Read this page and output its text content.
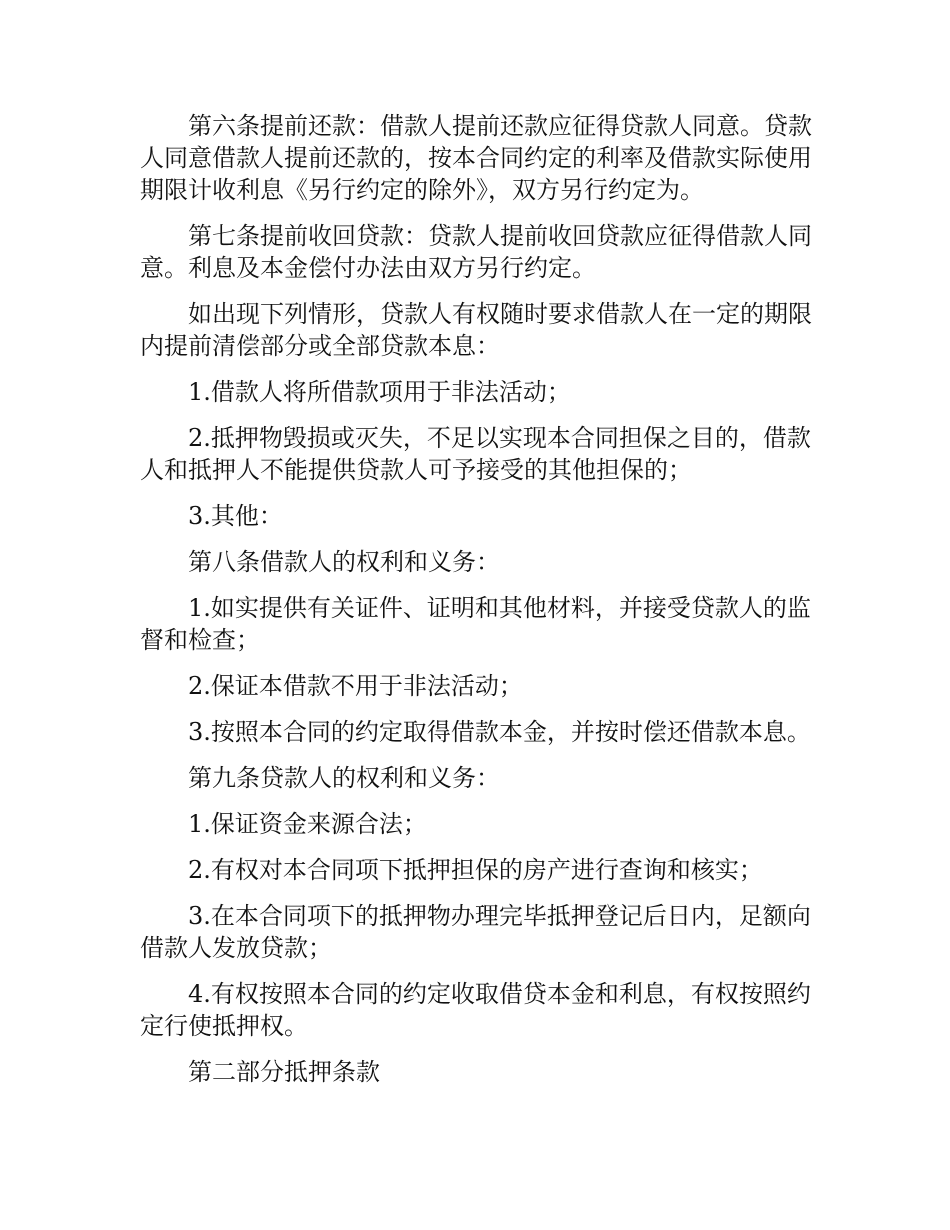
第六条提前还款：借款人提前还款应征得贷款人同意。贷款人同意借款人提前还款的，按本合同约定的利率及借款实际使用期限计收利息《另行约定的除外》，双方另行约定为。

第七条提前收回贷款：贷款人提前收回贷款应征得借款人同意。利息及本金偿付办法由双方另行约定。

如出现下列情形，贷款人有权随时要求借款人在一定的期限内提前清偿部分或全部贷款本息：

1.借款人将所借款项用于非法活动；

2.抵押物毁损或灭失，不足以实现本合同担保之目的，借款人和抵押人不能提供贷款人可予接受的其他担保的；

3.其他：

第八条借款人的权利和义务：

1.如实提供有关证件、证明和其他材料，并接受贷款人的监督和检查；

2.保证本借款不用于非法活动；

3.按照本合同的约定取得借款本金，并按时偿还借款本息。

第九条贷款人的权利和义务：

1.保证资金来源合法；

2.有权对本合同项下抵押担保的房产进行查询和核实；

3.在本合同项下的抵押物办理完毕抵押登记后日内，足额向借款人发放贷款；

4.有权按照本合同的约定收取借贷本金和利息，有权按照约定行使抵押权。

第二部分抵押条款
